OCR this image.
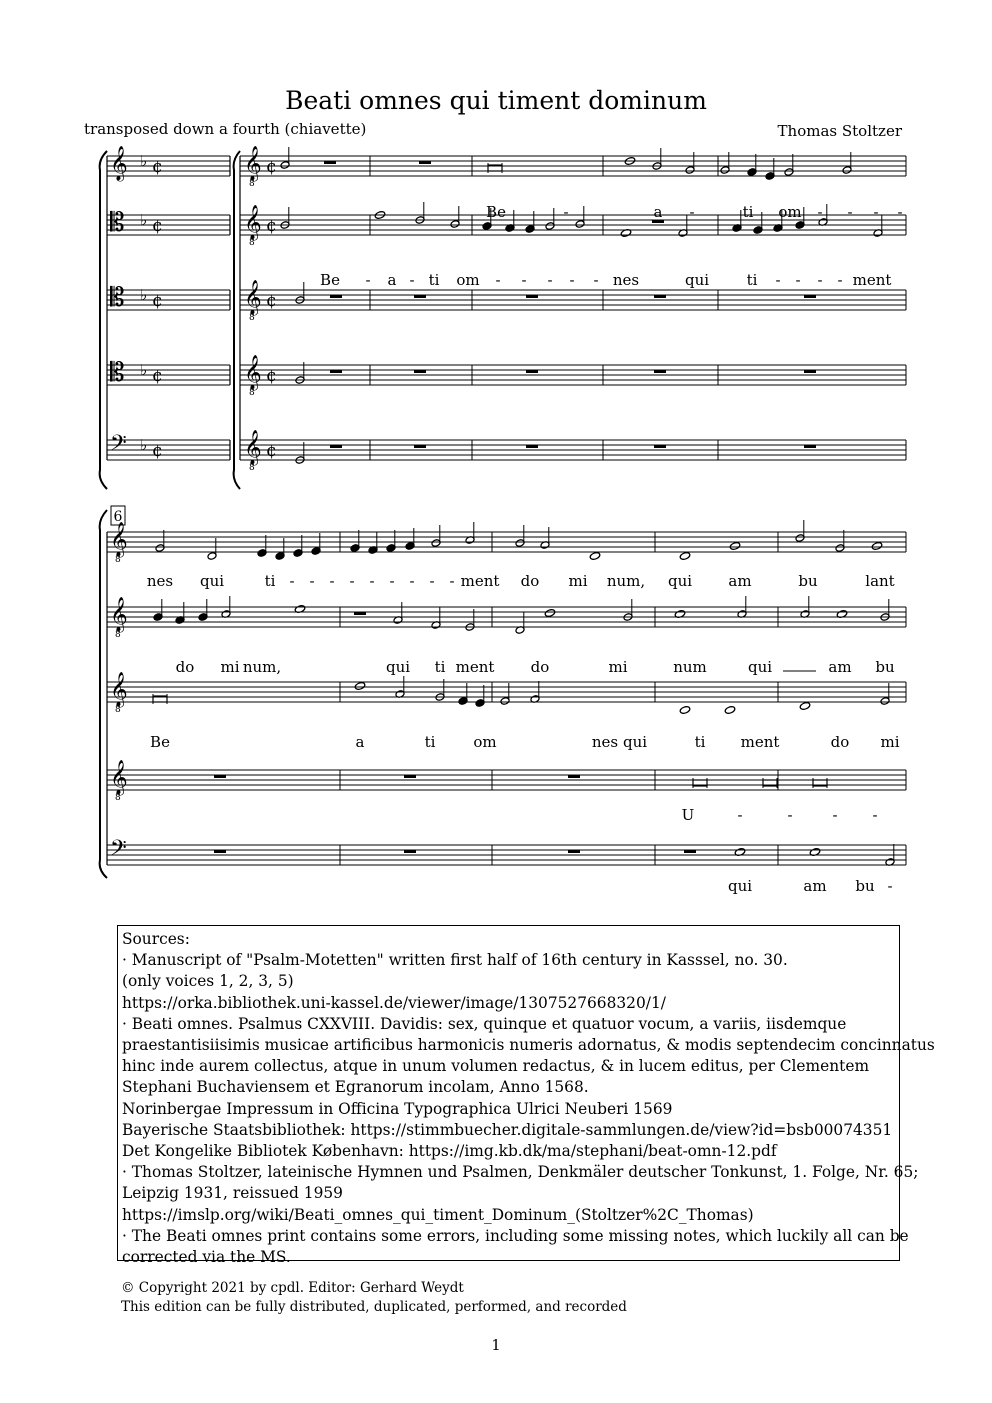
Beati omnes qui timent dominum
transposed down a fourth (chiavette)	Thomas Stoltzer
𝄞 ♭ ¢	𝄞
8
¢
𝄡 ♭ ¢	𝄞
8
¢
𝄡 ♭ ¢	𝄞
8
¢
𝄡 ♭ ¢	𝄞
8
¢
𝄢 ♭ ¢	𝄞
8
¢
Be	-	a -	ti om - - - -
Be - a - ti om - - - - - nes	qui	ti - - - - ment
𝄞
8
𝄞
8
𝄞
8
𝄞
8
𝄢
nes qui	ti - - - - - - - - - ment do mi num, qui am	bu	lant
do mi num,	qui ti ment do	mi	num	qui	am bu
Be	a	ti	om	nes qui	ti ment	do mi
U	-	-	- -
qui	am bu -
6
Sources:
· Manuscript of "Psalm-Motetten" written first half of 16th century in Kasssel, no. 30.
(only voices 1, 2, 3, 5)
https://orka.bibliothek.uni-kassel.de/viewer/image/1307527668320/1/
· Beati omnes. Psalmus CXXVIII. Davidis: sex, quinque et quatuor vocum, a variis, iisdemque
praestantisiisimis musicae artificibus harmonicis numeris adornatus, & modis septendecim concinnatus
hinc inde aurem collectus, atque in unum volumen redactus, & in lucem editus, per Clementem
Stephani Buchaviensem et Egranorum incolam, Anno 1568.
Norinbergae Impressum in Officina Typographica Ulrici Neuberi 1569
Bayerische Staatsbibliothek: https://stimmbuecher.digitale-sammlungen.de/view?id=bsb00074351
Det Kongelike Bibliotek København: https://img.kb.dk/ma/stephani/beat-omn-12.pdf
· Thomas Stoltzer, lateinische Hymnen und Psalmen, Denkmäler deutscher Tonkunst, 1. Folge, Nr. 65;
Leipzig 1931, reissued 1959
https://imslp.org/wiki/Beati_omnes_qui_timent_Dominum_(Stoltzer%2C_Thomas)
· The Beati omnes print contains some errors, including some missing notes, which luckily all can be
corrected via the MS.
© Copyright 2021 by cpdl. Editor: Gerhard Weydt
This edition can be fully distributed, duplicated, performed, and recorded
1
